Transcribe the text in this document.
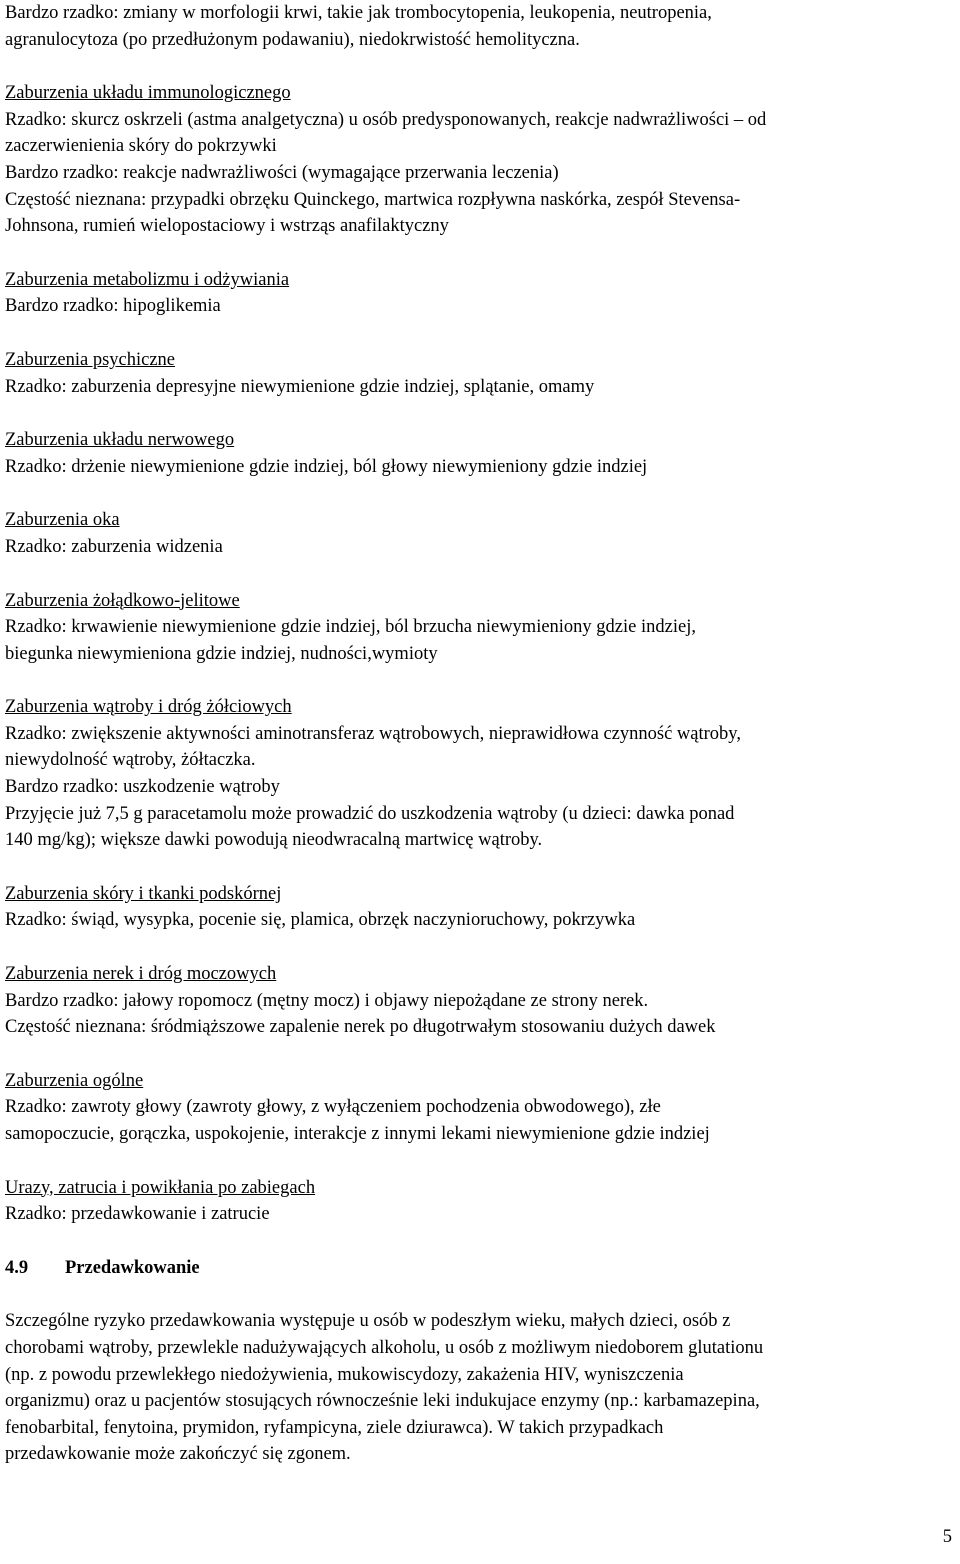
Bardzo rzadko: zmiany w morfologii krwi, takie jak trombocytopenia, leukopenia, neutropenia,
agranulocytoza (po przedłużonym podawaniu), niedokrwistość hemolityczna.
Zaburzenia układu immunologicznego
Rzadko: skurcz oskrzeli (astma analgetyczna) u osób predysponowanych, reakcje nadwrażliwości – od
zaczerwienienia skóry do pokrzywki
Bardzo rzadko: reakcje nadwrażliwości (wymagające przerwania leczenia)
Częstość nieznana: przypadki obrzęku Quinckego, martwica rozpływna naskórka, zespół Stevensa-
Johnsona, rumień wielopostaciowy i wstrząs anafilaktyczny
Zaburzenia metabolizmu i odżywiania
Bardzo rzadko: hipoglikemia
Zaburzenia psychiczne
Rzadko: zaburzenia depresyjne niewymienione gdzie indziej, splątanie, omamy
Zaburzenia układu nerwowego
Rzadko: drżenie niewymienione gdzie indziej, ból głowy niewymieniony gdzie indziej
Zaburzenia oka
Rzadko: zaburzenia widzenia
Zaburzenia żołądkowo-jelitowe
Rzadko: krwawienie niewymienione gdzie indziej, ból brzucha niewymieniony gdzie indziej,
biegunka niewymieniona gdzie indziej, nudności,wymioty
Zaburzenia wątroby i dróg żółciowych
Rzadko: zwiększenie aktywności aminotransferaz wątrobowych, nieprawidłowa czynność wątroby,
niewydolność wątroby, żółtaczka.
Bardzo rzadko: uszkodzenie wątroby
Przyjęcie już 7,5 g paracetamolu może prowadzić do uszkodzenia wątroby (u dzieci: dawka ponad
140 mg/kg); większe dawki powodują nieodwracalną martwicę wątroby.
Zaburzenia skóry i tkanki podskórnej
Rzadko: świąd, wysypka, pocenie się, plamica, obrzęk naczynioruchowy, pokrzywka
Zaburzenia nerek i dróg moczowych
Bardzo rzadko: jałowy ropomocz (mętny mocz) i objawy niepożądane ze strony nerek.
Częstość nieznana: śródmiąższowe zapalenie nerek po długotrwałym stosowaniu dużych dawek
Zaburzenia ogólne
Rzadko: zawroty głowy (zawroty głowy, z wyłączeniem pochodzenia obwodowego), złe
samopoczucie, gorączka, uspokojenie, interakcje z innymi lekami niewymienione gdzie indziej
Urazy, zatrucia i powikłania po zabiegach
Rzadko: przedawkowanie i zatrucie
4.9 Przedawkowanie
Szczególne ryzyko przedawkowania występuje u osób w podeszłym wieku, małych dzieci, osób z
chorobami wątroby, przewlekle nadużywających alkoholu, u osób z możliwym niedoborem glutationu
(np. z powodu przewlekłego niedożywienia, mukowiscydozy, zakażenia HIV, wyniszczenia
organizmu) oraz u pacjentów stosujących równocześnie leki indukujace enzymy (np.: karbamazepina,
fenobarbital, fenytoina, prymidon, ryfampicyna, ziele dziurawca). W takich przypadkach
przedawkowanie może zakończyć się zgonem.
5
